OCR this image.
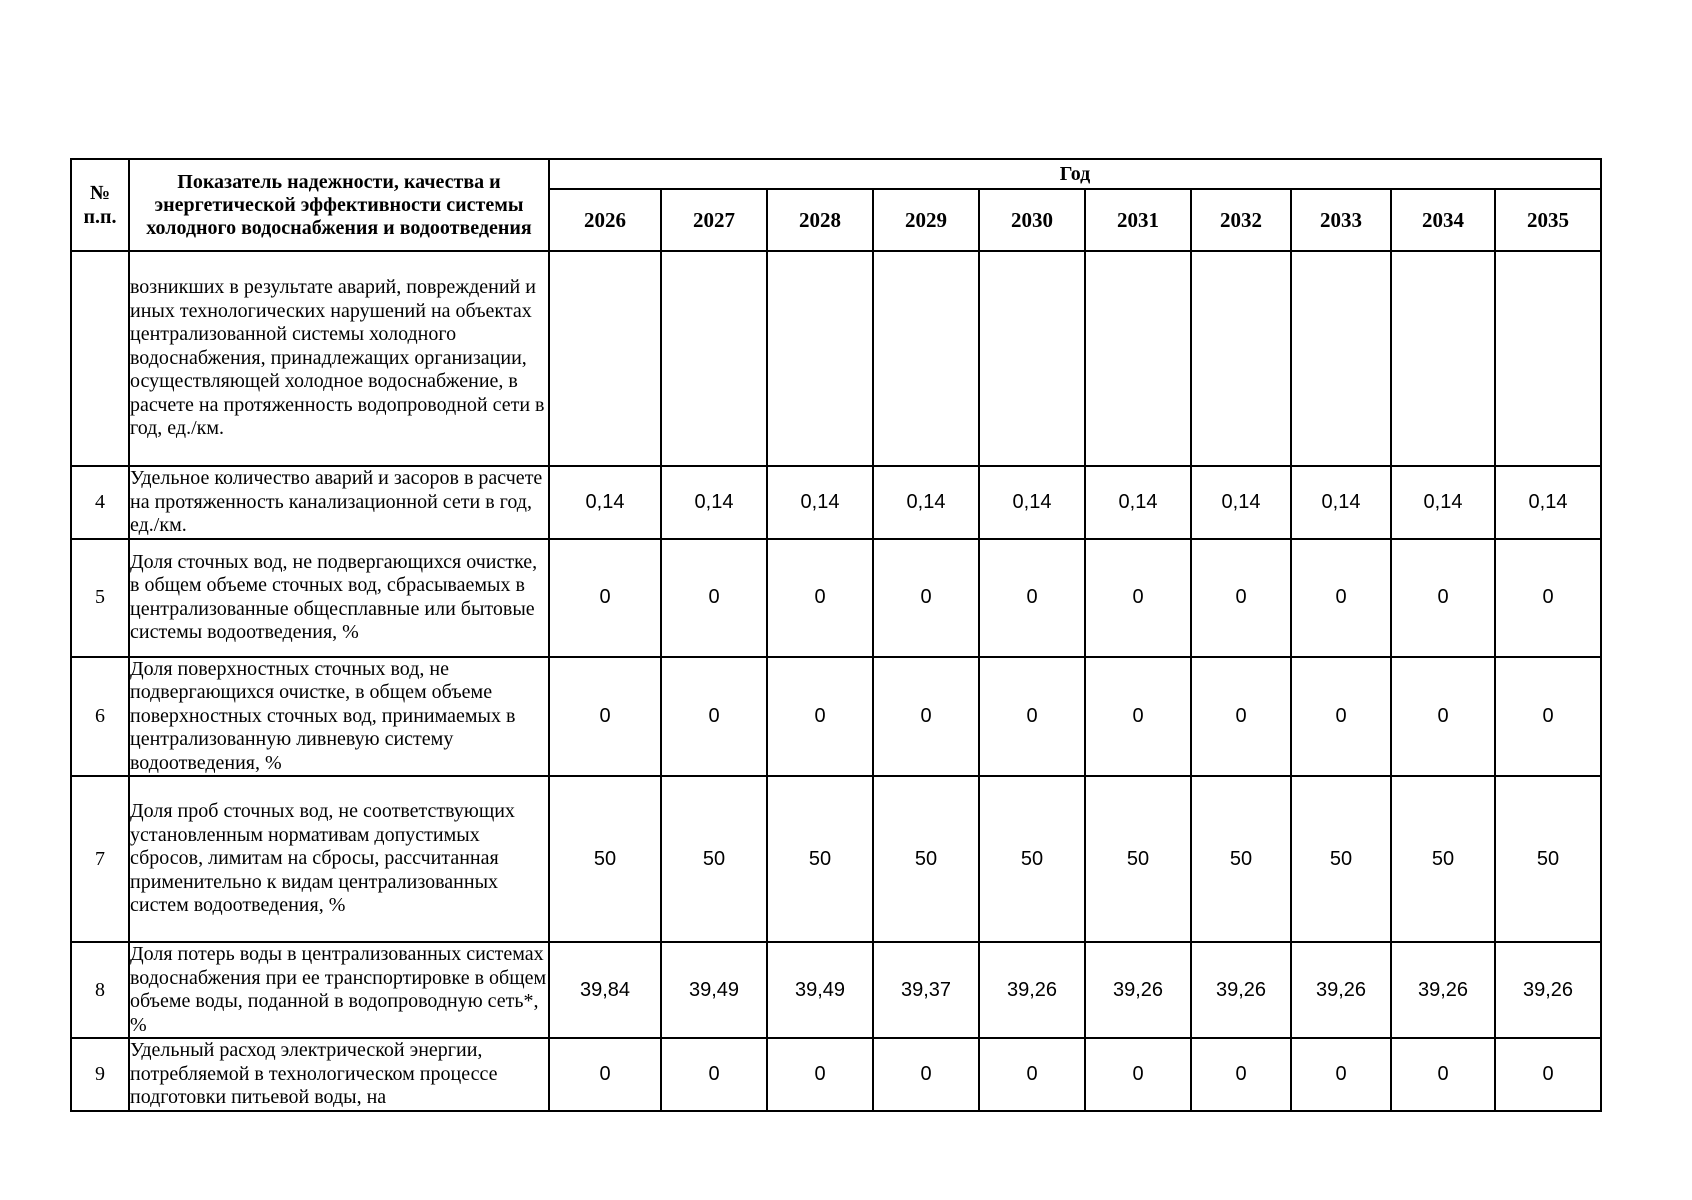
№ п.п.	Показатель надежности, качества и энергетической эффективности системы холодного водоснабжения и водоотведения	Год									
		2026	2027	2028	2029	2030	2031	2032	2033	2034	2035
	возникших в результате аварий, повреждений и иных технологических нарушений на объектах централизованной системы холодного водоснабжения, принадлежащих организации, осуществляющей холодное водоснабжение, в расчете на протяженность водопроводной сети в год, ед./км.										
4	Удельное количество аварий и засоров в расчете на протяженность канализационной сети в год, ед./км.	0,14	0,14	0,14	0,14	0,14	0,14	0,14	0,14	0,14	0,14
5	Доля сточных вод, не подвергающихся очистке, в общем объеме сточных вод, сбрасываемых в централизованные общесплавные или бытовые системы водоотведения, %	0	0	0	0	0	0	0	0	0	0
6	Доля поверхностных сточных вод, не подвергающихся очистке, в общем объеме поверхностных сточных вод, принимаемых в централизованную ливневую систему водоотведения, %	0	0	0	0	0	0	0	0	0	0
7	Доля проб сточных вод, не соответствующих установленным нормативам допустимых сбросов, лимитам на сбросы, рассчитанная применительно к видам централизованных систем водоотведения, %	50	50	50	50	50	50	50	50	50	50
8	Доля потерь воды в централизованных системах водоснабжения при ее транспортировке в общем объеме воды, поданной в водопроводную сеть*, %	39,84	39,49	39,49	39,37	39,26	39,26	39,26	39,26	39,26	39,26
9	Удельный расход электрической энергии, потребляемой в технологическом процессе подготовки питьевой воды, на	0	0	0	0	0	0	0	0	0	0
